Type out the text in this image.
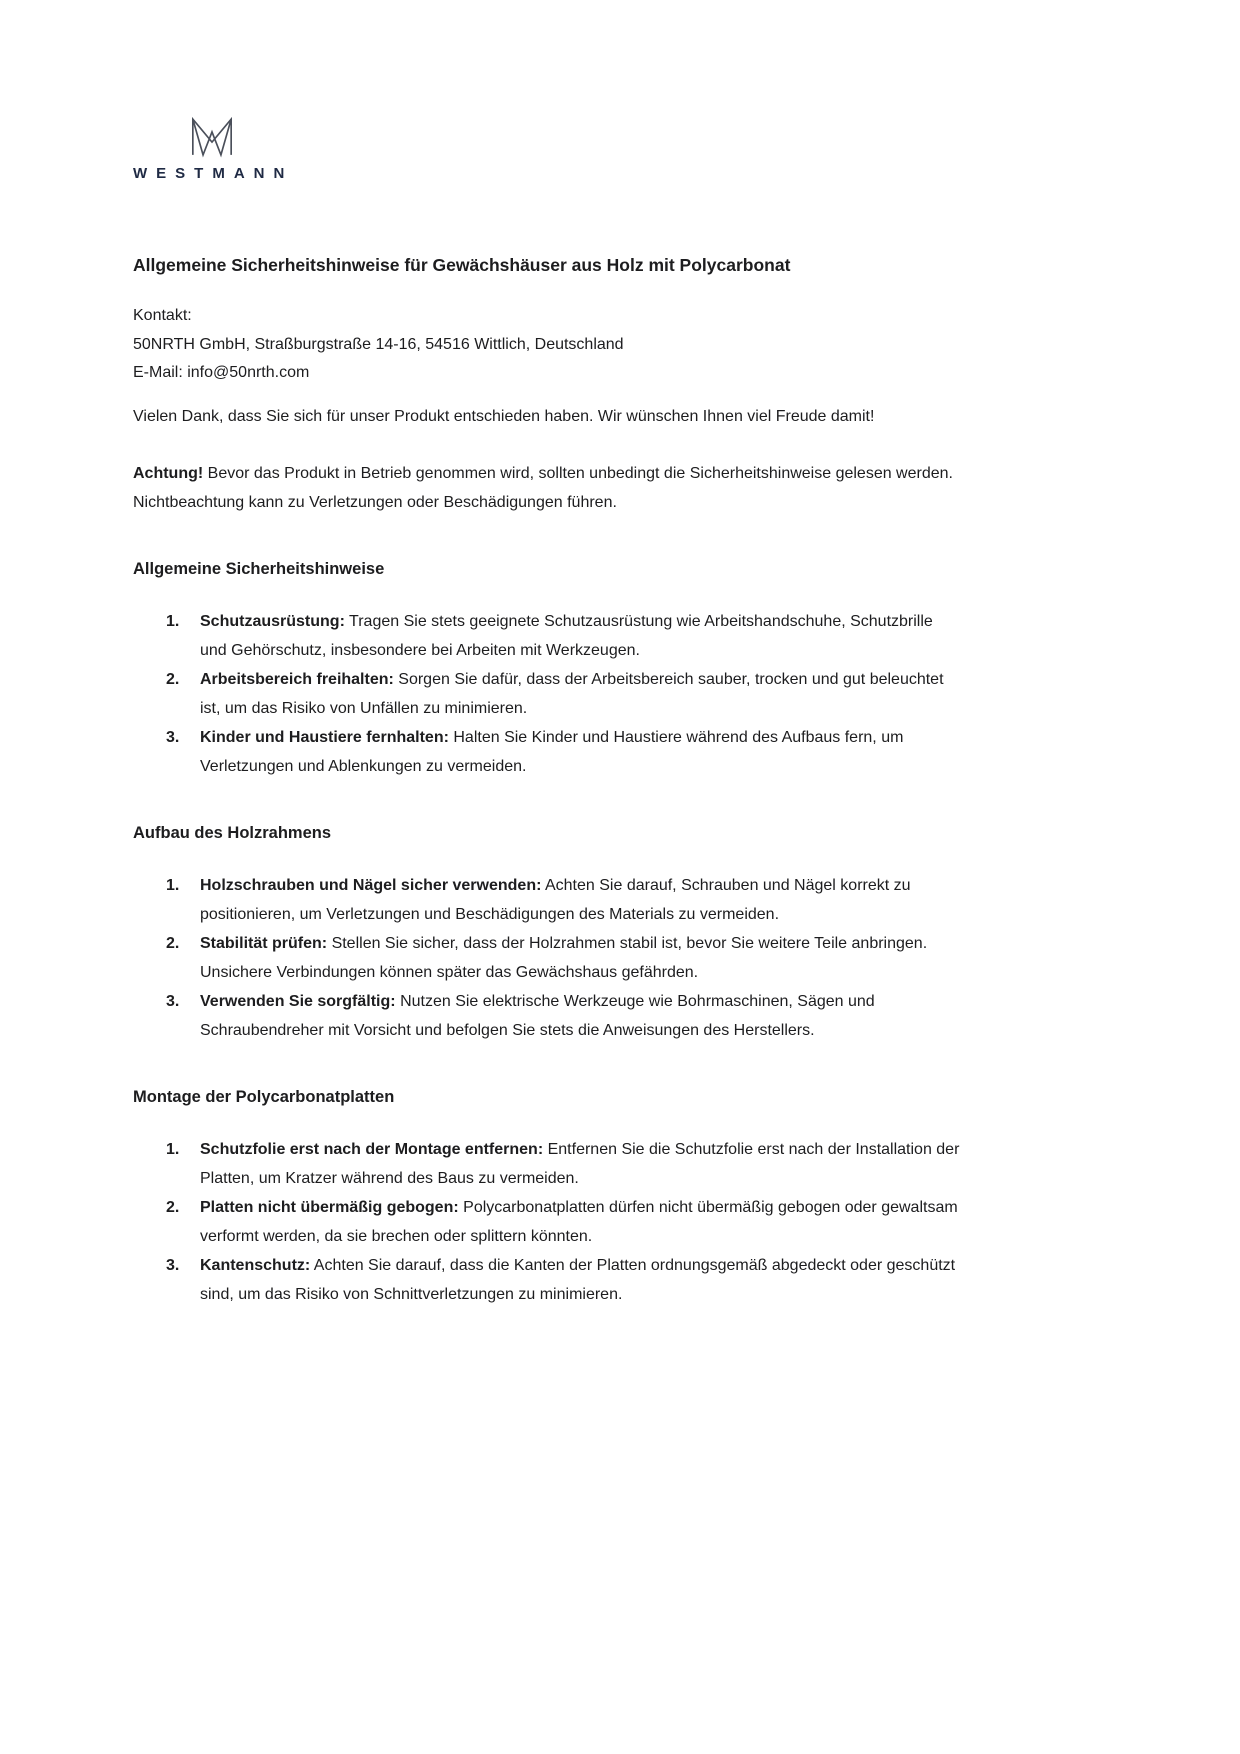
WESTMANN
Allgemeine Sicherheitshinweise für Gewächshäuser aus Holz mit Polycarbonat

Kontakt:
50NRTH GmbH, Straßburgstraße 14-16, 54516 Wittlich, Deutschland
E-Mail: info@50nrth.com

Vielen Dank, dass Sie sich für unser Produkt entschieden haben. Wir wünschen Ihnen viel Freude damit!

Achtung! Bevor das Produkt in Betrieb genommen wird, sollten unbedingt die Sicherheitshinweise gelesen werden. Nichtbeachtung kann zu Verletzungen oder Beschädigungen führen.

Allgemeine Sicherheitshinweise
1. Schutzausrüstung: Tragen Sie stets geeignete Schutzausrüstung wie Arbeitshandschuhe, Schutzbrille und Gehörschutz, insbesondere bei Arbeiten mit Werkzeugen.
2. Arbeitsbereich freihalten: Sorgen Sie dafür, dass der Arbeitsbereich sauber, trocken und gut beleuchtet ist, um das Risiko von Unfällen zu minimieren.
3. Kinder und Haustiere fernhalten: Halten Sie Kinder und Haustiere während des Aufbaus fern, um Verletzungen und Ablenkungen zu vermeiden.
Aufbau des Holzrahmens
1. Holzschrauben und Nägel sicher verwenden: Achten Sie darauf, Schrauben und Nägel korrekt zu positionieren, um Verletzungen und Beschädigungen des Materials zu vermeiden.
2. Stabilität prüfen: Stellen Sie sicher, dass der Holzrahmen stabil ist, bevor Sie weitere Teile anbringen. Unsichere Verbindungen können später das Gewächshaus gefährden.
3. Verwenden Sie sorgfältig: Nutzen Sie elektrische Werkzeuge wie Bohrmaschinen, Sägen und Schraubendreher mit Vorsicht und befolgen Sie stets die Anweisungen des Herstellers.
Montage der Polycarbonatplatten
1. Schutzfolie erst nach der Montage entfernen: Entfernen Sie die Schutzfolie erst nach der Installation der Platten, um Kratzer während des Baus zu vermeiden.
2. Platten nicht übermäßig gebogen: Polycarbonatplatten dürfen nicht übermäßig gebogen oder gewaltsam verformt werden, da sie brechen oder splittern könnten.
3. Kantenschutz: Achten Sie darauf, dass die Kanten der Platten ordnungsgemäß abgedeckt oder geschützt sind, um das Risiko von Schnittverletzungen zu minimieren.
